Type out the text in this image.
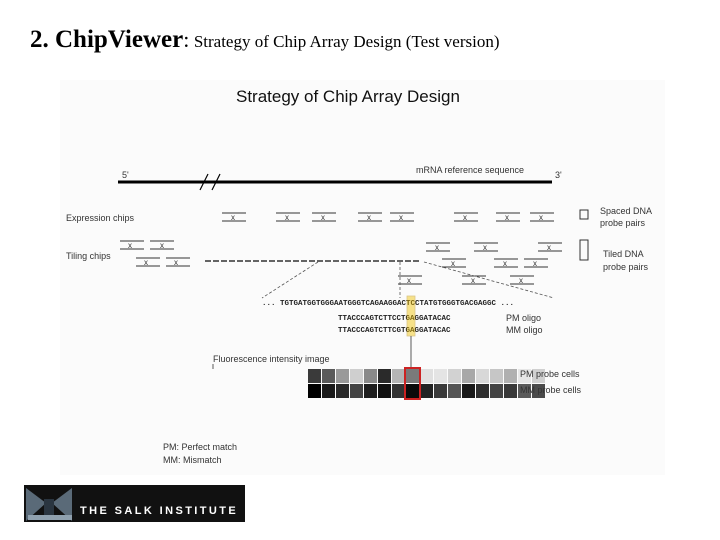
2. ChipViewer: Strategy of Chip Array Design (Test version)
Strategy of Chip Array Design
5'	3'
mRNA reference sequence
Expression chips
Tiling chips
x	x	x	x	x	x	x	x
Spaced DNA
probe pairs
x	x
x	x
x	x	x
x	x	x
x	x	x
Tiled DNA
probe pairs
... TGTGATGGTGGGAATGGGTCAGAAGGACTCCTATGTGGGTGACGAGGC ...
TTACCCAGTCTTCCTGAGGATACAC
TTACCCAGTCTTCGTGAGGATACAC
PM oligo
MM oligo
Fluorescence intensity image
PM probe cells
MM probe cells
PM: Perfect match
MM: Mismatch
THE SALK INSTITUTE
